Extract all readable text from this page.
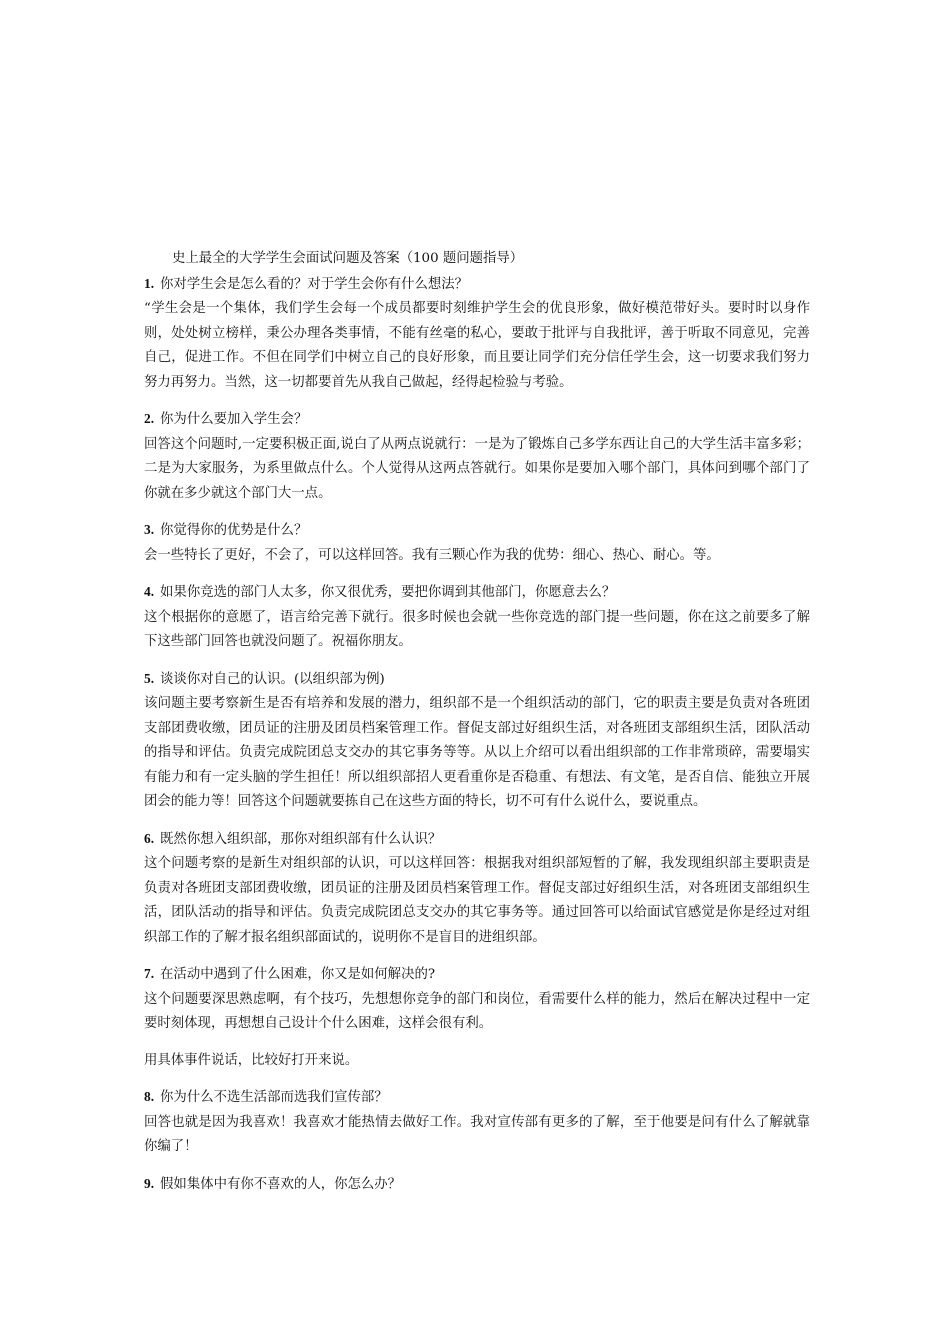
史上最全的大学学生会面试问题及答案（100 题问题指导）

1. 你对学生会是怎么看的？对于学生会你有什么想法？

“学生会是一个集体，我们学生会每一个成员都要时刻维护学生会的优良形象，做好模范带好头。要时时以身作则，处处树立榜样，秉公办理各类事情，不能有丝毫的私心，要敢于批评与自我批评，善于听取不同意见，完善自己，促进工作。不但在同学们中树立自己的良好形象，而且要让同学们充分信任学生会，这一切要求我们努力努力再努力。当然，这一切都要首先从我自己做起，经得起检验与考验。

2. 你为什么要加入学生会？

回答这个问题时,一定要积极正面,说白了从两点说就行：一是为了锻炼自己多学东西让自己的大学生活丰富多彩；二是为大家服务，为系里做点什么。个人觉得从这两点答就行。如果你是要加入哪个部门，具体问到哪个部门了你就在多少就这个部门大一点。

3. 你觉得你的优势是什么？

会一些特长了更好，不会了，可以这样回答。我有三颗心作为我的优势：细心、热心、耐心。等。

4. 如果你竞选的部门人太多，你又很优秀，要把你调到其他部门，你愿意去么？

这个根据你的意愿了，语言给完善下就行。很多时候也会就一些你竞选的部门提一些问题，你在这之前要多了解下这些部门回答也就没问题了。祝福你朋友。

5. 谈谈你对自己的认识。(以组织部为例)

该问题主要考察新生是否有培养和发展的潜力，组织部不是一个组织活动的部门，它的职责主要是负责对各班团支部团费收缴，团员证的注册及团员档案管理工作。督促支部过好组织生活，对各班团支部组织生活，团队活动的指导和评估。负责完成院团总支交办的其它事务等等。从以上介绍可以看出组织部的工作非常琐碎，需要塌实有能力和有一定头脑的学生担任！所以组织部招人更看重你是否稳重、有想法、有文笔，是否自信、能独立开展团会的能力等！回答这个问题就要拣自己在这些方面的特长，切不可有什么说什么，要说重点。

6. 既然你想入组织部，那你对组织部有什么认识？

这个问题考察的是新生对组织部的认识，可以这样回答：根据我对组织部短暂的了解，我发现组织部主要职责是负责对各班团支部团费收缴，团员证的注册及团员档案管理工作。督促支部过好组织生活，对各班团支部组织生活，团队活动的指导和评估。负责完成院团总支交办的其它事务等。通过回答可以给面试官感觉是你是经过对组织部工作的了解才报名组织部面试的，说明你不是盲目的进组织部。

7. 在活动中遇到了什么困难，你又是如何解决的?

这个问题要深思熟虑啊，有个技巧，先想想你竞争的部门和岗位，看需要什么样的能力，然后在解决过程中一定要时刻体现，再想想自己设计个什么困难，这样会很有利。

用具体事件说话，比较好打开来说。

8. 你为什么不选生活部而选我们宣传部？

回答也就是因为我喜欢！我喜欢才能热情去做好工作。我对宣传部有更多的了解，至于他要是问有什么了解就靠你编了！

9. 假如集体中有你不喜欢的人，你怎么办？
